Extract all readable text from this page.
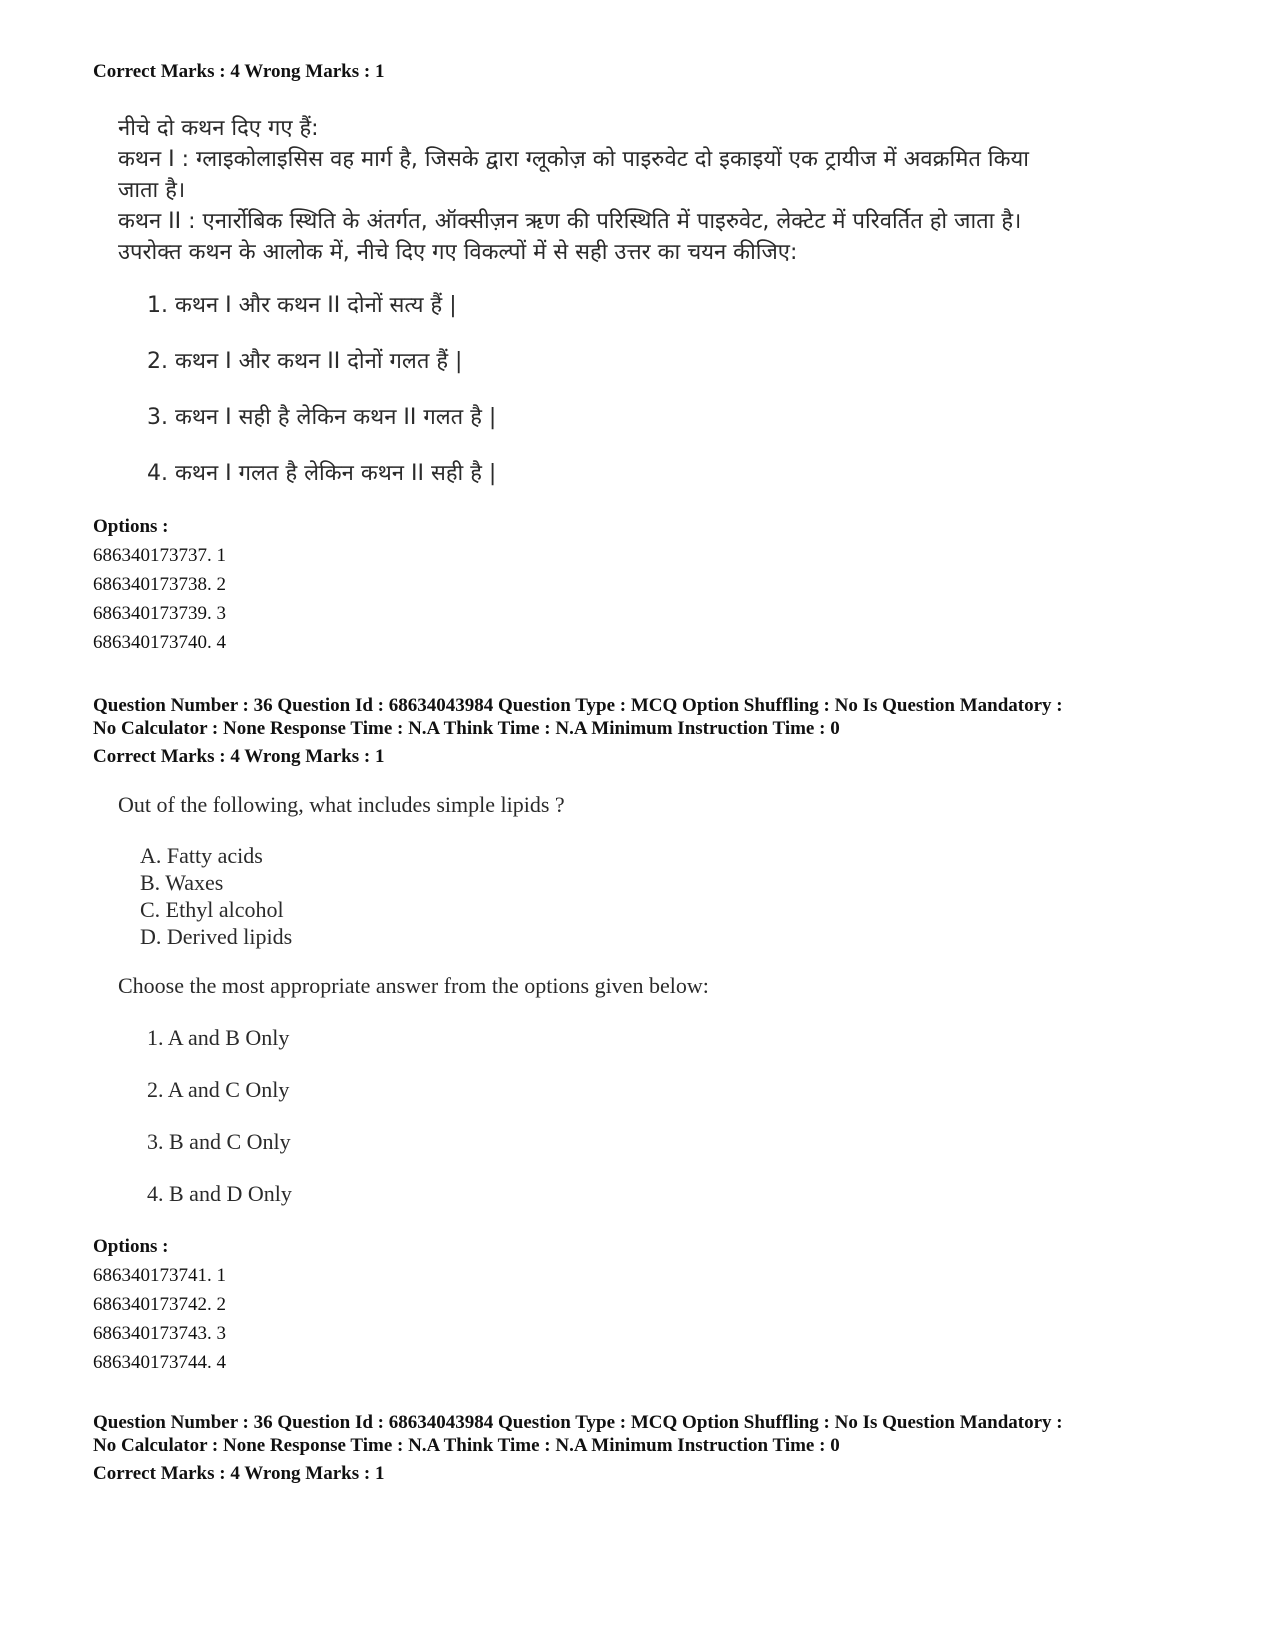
Correct Marks : 4 Wrong Marks : 1
नीचे दो कथन दिए गए हैं:
कथन I : ग्लाइकोलाइसिस वह मार्ग है, जिसके द्वारा ग्लूकोज़ को पाइरुवेट दो इकाइयों एक ट्रायीज में अवक्रमित किया
जाता है।
कथन II : एनार्रोबिक स्थिति के अंतर्गत, ऑक्सीज़न ऋण की परिस्थिति में पाइरुवेट, लेक्टेट में परिवर्तित हो जाता है।
उपरोक्त कथन के आलोक में, नीचे दिए गए विकल्पों में से सही उत्तर का चयन कीजिए:
1. कथन I और कथन II दोनों सत्य हैं |
2. कथन I और कथन II दोनों गलत हैं |
3. कथन I सही है लेकिन कथन II गलत है |
4. कथन I गलत है लेकिन कथन II सही है |
Options :
686340173737. 1
686340173738. 2
686340173739. 3
686340173740. 4
Question Number : 36 Question Id : 68634043984 Question Type : MCQ Option Shuffling : No Is Question Mandatory :
No Calculator : None Response Time : N.A Think Time : N.A Minimum Instruction Time : 0
Correct Marks : 4 Wrong Marks : 1
Out of the following, what includes simple lipids ?
A. Fatty acids
B. Waxes
C. Ethyl alcohol
D. Derived lipids
Choose the most appropriate answer from the options given below:
1. A and B Only
2. A and C Only
3. B and C Only
4. B and D Only
Options :
686340173741. 1
686340173742. 2
686340173743. 3
686340173744. 4
Question Number : 36 Question Id : 68634043984 Question Type : MCQ Option Shuffling : No Is Question Mandatory :
No Calculator : None Response Time : N.A Think Time : N.A Minimum Instruction Time : 0
Correct Marks : 4 Wrong Marks : 1
